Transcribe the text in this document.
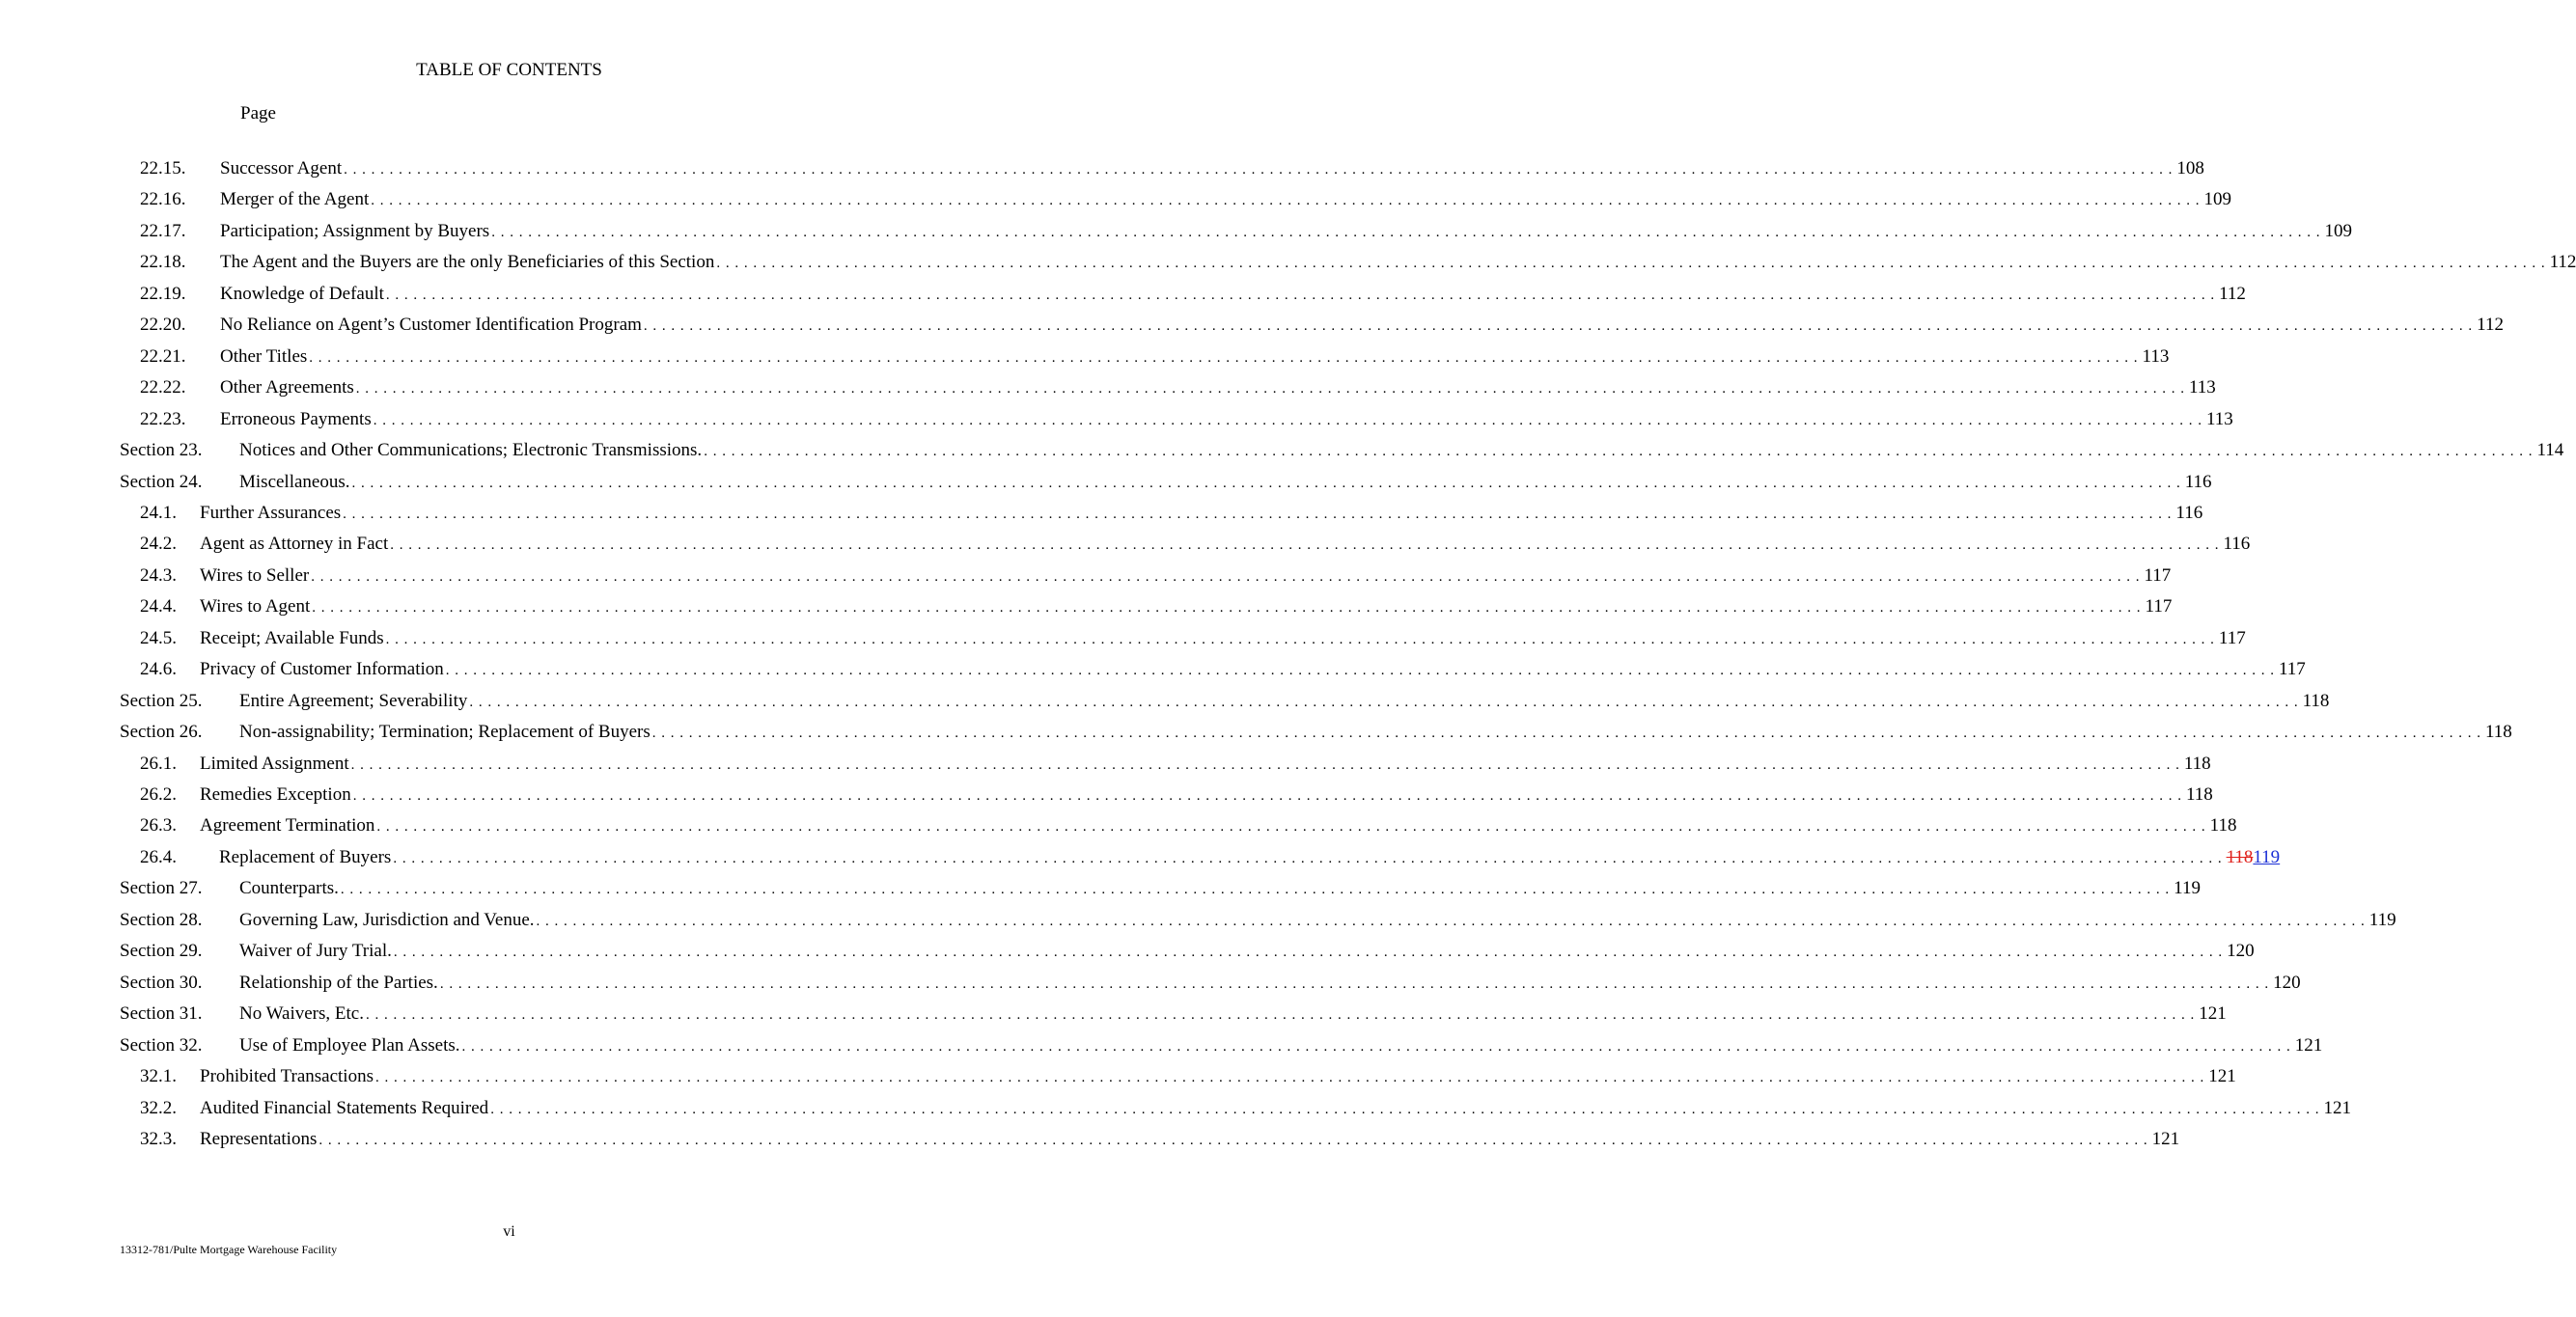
TABLE OF CONTENTS
Page
22.15.	Successor Agent . . . . . . . . . . . . . . . . . . . . . . . . . . . . . . . . . . . . . . . . . . . . . . . . . . . . . . . . . . . . . . . . . . . . . . . . . . . . . . . . . . . . . . . . . . . . . . . . . . . . . . . . . . . . . . . . . . . . . . . . . . . . . . . . . . . . . . . . . . . . . . . . . . . . . . . . . . . . . . . . . . . . . . . . . . . . . . . . . . . . . . . . . . . . . . . . . . . . . . . . 108
22.16.	Merger of the Agent . . . . . . . . . . . . . . . . . . . . . . . . . . . . . . . . . . . . . . . . . . . . . . . . . . . . . . . . . . . . . . . . . . . . . . . . . . . . . . . . . . . . . . . . . . . . . . . . . . . . . . . . . . . . . . . . . . . . . . . . . . . . . . . . . . . . . . . . . . . . . . . . . . . . . . . . . . . . . . . . . . . . . . . . . . . . . . . . . . . . . . . . . . . . . . . . . . . . . . . . 109
22.17.	Participation; Assignment by Buyers . . . . . . . . . . . . . . . . . . . . . . . . . . . . . . . . . . . . . . . . . . . . . . . . . . . . . . . . . . . . . . . . . . . . . . . . . . . . . . . . . . . . . . . . . . . . . . . . . . . . . . . . . . . . . . . . . . . . . . . . . . . . . . . . . . . . . . . . . . . . . . . . . . . . . . . . . . . . . . . . . . . . . . . . . . . . . . . . . . . . . . . . . . . . . . . . . . . . . . . . 109
22.18.	The Agent and the Buyers are the only Beneficiaries of this Section . . . . . . . . . . . . . . . . . . . . . . . . . . . . . . . . . . . . . . . . . . . . . . . . . . . . . . . . . . . . . . . . . . . . . . . . . . . . . . . . . . . . . . . . . . . . . . . . . . . . . . . . . . . . . . . . . . . . . . . . . . . . . . . . . . . . . . . . . . . . . . . . . . . . . . . . . . . . . . . . . . . . . . . . . . . . . . . . . . . . . . . . . . . . . . . . . . . . . . . . 112
22.19.	Knowledge of Default . . . . . . . . . . . . . . . . . . . . . . . . . . . . . . . . . . . . . . . . . . . . . . . . . . . . . . . . . . . . . . . . . . . . . . . . . . . . . . . . . . . . . . . . . . . . . . . . . . . . . . . . . . . . . . . . . . . . . . . . . . . . . . . . . . . . . . . . . . . . . . . . . . . . . . . . . . . . . . . . . . . . . . . . . . . . . . . . . . . . . . . . . . . . . . . . . . . . . . . . 112
22.20.	No Reliance on Agent’s Customer Identification Program . . . . . . . . . . . . . . . . . . . . . . . . . . . . . . . . . . . . . . . . . . . . . . . . . . . . . . . . . . . . . . . . . . . . . . . . . . . . . . . . . . . . . . . . . . . . . . . . . . . . . . . . . . . . . . . . . . . . . . . . . . . . . . . . . . . . . . . . . . . . . . . . . . . . . . . . . . . . . . . . . . . . . . . . . . . . . . . . . . . . . . . . . . . . . . . . . . . . . . . . 112
22.21.	Other Titles . . . . . . . . . . . . . . . . . . . . . . . . . . . . . . . . . . . . . . . . . . . . . . . . . . . . . . . . . . . . . . . . . . . . . . . . . . . . . . . . . . . . . . . . . . . . . . . . . . . . . . . . . . . . . . . . . . . . . . . . . . . . . . . . . . . . . . . . . . . . . . . . . . . . . . . . . . . . . . . . . . . . . . . . . . . . . . . . . . . . . . . . . . . . . . . . . . . . . . . . 113
22.22.	Other Agreements . . . . . . . . . . . . . . . . . . . . . . . . . . . . . . . . . . . . . . . . . . . . . . . . . . . . . . . . . . . . . . . . . . . . . . . . . . . . . . . . . . . . . . . . . . . . . . . . . . . . . . . . . . . . . . . . . . . . . . . . . . . . . . . . . . . . . . . . . . . . . . . . . . . . . . . . . . . . . . . . . . . . . . . . . . . . . . . . . . . . . . . . . . . . . . . . . . . . . . . . 113
22.23.	Erroneous Payments . . . . . . . . . . . . . . . . . . . . . . . . . . . . . . . . . . . . . . . . . . . . . . . . . . . . . . . . . . . . . . . . . . . . . . . . . . . . . . . . . . . . . . . . . . . . . . . . . . . . . . . . . . . . . . . . . . . . . . . . . . . . . . . . . . . . . . . . . . . . . . . . . . . . . . . . . . . . . . . . . . . . . . . . . . . . . . . . . . . . . . . . . . . . . . . . . . . . . . . . 113
Section 23.	Notices and Other Communications; Electronic Transmissions. . . . . . . . . . . . . . . . . . . . . . . . . . . . . . . . . . . . . . . . . . . . . . . . . . . . . . . . . . . . . . . . . . . . . . . . . . . . . . . . . . . . . . . . . . . . . . . . . . . . . . . . . . . . . . . . . . . . . . . . . . . . . . . . . . . . . . . . . . . . . . . . . . . . . . . . . . . . . . . . . . . . . . . . . . . . . . . . . . . . . . . . . . . . . . . . . . . . . . . . . 114
Section 24.	Miscellaneous. . . . . . . . . . . . . . . . . . . . . . . . . . . . . . . . . . . . . . . . . . . . . . . . . . . . . . . . . . . . . . . . . . . . . . . . . . . . . . . . . . . . . . . . . . . . . . . . . . . . . . . . . . . . . . . . . . . . . . . . . . . . . . . . . . . . . . . . . . . . . . . . . . . . . . . . . . . . . . . . . . . . . . . . . . . . . . . . . . . . . . . . . . . . . . . . . . . . . . . . . 116
24.1.	Further Assurances . . . . . . . . . . . . . . . . . . . . . . . . . . . . . . . . . . . . . . . . . . . . . . . . . . . . . . . . . . . . . . . . . . . . . . . . . . . . . . . . . . . . . . . . . . . . . . . . . . . . . . . . . . . . . . . . . . . . . . . . . . . . . . . . . . . . . . . . . . . . . . . . . . . . . . . . . . . . . . . . . . . . . . . . . . . . . . . . . . . . . . . . . . . . . . . . . . . . . . . . 116
24.2.	Agent as Attorney in Fact . . . . . . . . . . . . . . . . . . . . . . . . . . . . . . . . . . . . . . . . . . . . . . . . . . . . . . . . . . . . . . . . . . . . . . . . . . . . . . . . . . . . . . . . . . . . . . . . . . . . . . . . . . . . . . . . . . . . . . . . . . . . . . . . . . . . . . . . . . . . . . . . . . . . . . . . . . . . . . . . . . . . . . . . . . . . . . . . . . . . . . . . . . . . . . . . . . . . . . . . 116
24.3.	Wires to Seller . . . . . . . . . . . . . . . . . . . . . . . . . . . . . . . . . . . . . . . . . . . . . . . . . . . . . . . . . . . . . . . . . . . . . . . . . . . . . . . . . . . . . . . . . . . . . . . . . . . . . . . . . . . . . . . . . . . . . . . . . . . . . . . . . . . . . . . . . . . . . . . . . . . . . . . . . . . . . . . . . . . . . . . . . . . . . . . . . . . . . . . . . . . . . . . . . . . . . . . . 117
24.4.	Wires to Agent . . . . . . . . . . . . . . . . . . . . . . . . . . . . . . . . . . . . . . . . . . . . . . . . . . . . . . . . . . . . . . . . . . . . . . . . . . . . . . . . . . . . . . . . . . . . . . . . . . . . . . . . . . . . . . . . . . . . . . . . . . . . . . . . . . . . . . . . . . . . . . . . . . . . . . . . . . . . . . . . . . . . . . . . . . . . . . . . . . . . . . . . . . . . . . . . . . . . . . . . 117
24.5.	Receipt; Available Funds . . . . . . . . . . . . . . . . . . . . . . . . . . . . . . . . . . . . . . . . . . . . . . . . . . . . . . . . . . . . . . . . . . . . . . . . . . . . . . . . . . . . . . . . . . . . . . . . . . . . . . . . . . . . . . . . . . . . . . . . . . . . . . . . . . . . . . . . . . . . . . . . . . . . . . . . . . . . . . . . . . . . . . . . . . . . . . . . . . . . . . . . . . . . . . . . . . . . . . . . 117
24.6.	Privacy of Customer Information . . . . . . . . . . . . . . . . . . . . . . . . . . . . . . . . . . . . . . . . . . . . . . . . . . . . . . . . . . . . . . . . . . . . . . . . . . . . . . . . . . . . . . . . . . . . . . . . . . . . . . . . . . . . . . . . . . . . . . . . . . . . . . . . . . . . . . . . . . . . . . . . . . . . . . . . . . . . . . . . . . . . . . . . . . . . . . . . . . . . . . . . . . . . . . . . . . . . . . . . 117
Section 25.	Entire Agreement; Severability . . . . . . . . . . . . . . . . . . . . . . . . . . . . . . . . . . . . . . . . . . . . . . . . . . . . . . . . . . . . . . . . . . . . . . . . . . . . . . . . . . . . . . . . . . . . . . . . . . . . . . . . . . . . . . . . . . . . . . . . . . . . . . . . . . . . . . . . . . . . . . . . . . . . . . . . . . . . . . . . . . . . . . . . . . . . . . . . . . . . . . . . . . . . . . . . . . . . . . . . 118
Section 26.	Non-assignability; Termination; Replacement of Buyers . . . . . . . . . . . . . . . . . . . . . . . . . . . . . . . . . . . . . . . . . . . . . . . . . . . . . . . . . . . . . . . . . . . . . . . . . . . . . . . . . . . . . . . . . . . . . . . . . . . . . . . . . . . . . . . . . . . . . . . . . . . . . . . . . . . . . . . . . . . . . . . . . . . . . . . . . . . . . . . . . . . . . . . . . . . . . . . . . . . . . . . . . . . . . . . . . . . . . . . . 118
26.1.	Limited Assignment . . . . . . . . . . . . . . . . . . . . . . . . . . . . . . . . . . . . . . . . . . . . . . . . . . . . . . . . . . . . . . . . . . . . . . . . . . . . . . . . . . . . . . . . . . . . . . . . . . . . . . . . . . . . . . . . . . . . . . . . . . . . . . . . . . . . . . . . . . . . . . . . . . . . . . . . . . . . . . . . . . . . . . . . . . . . . . . . . . . . . . . . . . . . . . . . . . . . . . . . 118
26.2.	Remedies Exception . . . . . . . . . . . . . . . . . . . . . . . . . . . . . . . . . . . . . . . . . . . . . . . . . . . . . . . . . . . . . . . . . . . . . . . . . . . . . . . . . . . . . . . . . . . . . . . . . . . . . . . . . . . . . . . . . . . . . . . . . . . . . . . . . . . . . . . . . . . . . . . . . . . . . . . . . . . . . . . . . . . . . . . . . . . . . . . . . . . . . . . . . . . . . . . . . . . . . . . . 118
26.3.	Agreement Termination . . . . . . . . . . . . . . . . . . . . . . . . . . . . . . . . . . . . . . . . . . . . . . . . . . . . . . . . . . . . . . . . . . . . . . . . . . . . . . . . . . . . . . . . . . . . . . . . . . . . . . . . . . . . . . . . . . . . . . . . . . . . . . . . . . . . . . . . . . . . . . . . . . . . . . . . . . . . . . . . . . . . . . . . . . . . . . . . . . . . . . . . . . . . . . . . . . . . . . . . 118
26.4.	Replacement of Buyers . . . . . . . . . . . . . . . . . . . . . . . . . . . . . . . . . . . . . . . . . . . . . . . . . . . . . . . . . . . . . . . . . . . . . . . . . . . . . . . . . . . . . . . . . . . . . . . . . . . . . . . . . . . . . . . . . . . . . . . . . . . . . . . . . . . . . . . . . . . . . . . . . . . . . . . . . . . . . . . . . . . . . . . . . . . . . . . . . . . . . . . . . . . . . . . . . . . . . . . . 118119
Section 27.	Counterparts. . . . . . . . . . . . . . . . . . . . . . . . . . . . . . . . . . . . . . . . . . . . . . . . . . . . . . . . . . . . . . . . . . . . . . . . . . . . . . . . . . . . . . . . . . . . . . . . . . . . . . . . . . . . . . . . . . . . . . . . . . . . . . . . . . . . . . . . . . . . . . . . . . . . . . . . . . . . . . . . . . . . . . . . . . . . . . . . . . . . . . . . . . . . . . . . . . . . . . . . . 119
Section 28.	Governing Law, Jurisdiction and Venue. . . . . . . . . . . . . . . . . . . . . . . . . . . . . . . . . . . . . . . . . . . . . . . . . . . . . . . . . . . . . . . . . . . . . . . . . . . . . . . . . . . . . . . . . . . . . . . . . . . . . . . . . . . . . . . . . . . . . . . . . . . . . . . . . . . . . . . . . . . . . . . . . . . . . . . . . . . . . . . . . . . . . . . . . . . . . . . . . . . . . . . . . . . . . . . . . . . . . . . . . 119
Section 29.	Waiver of Jury Trial. . . . . . . . . . . . . . . . . . . . . . . . . . . . . . . . . . . . . . . . . . . . . . . . . . . . . . . . . . . . . . . . . . . . . . . . . . . . . . . . . . . . . . . . . . . . . . . . . . . . . . . . . . . . . . . . . . . . . . . . . . . . . . . . . . . . . . . . . . . . . . . . . . . . . . . . . . . . . . . . . . . . . . . . . . . . . . . . . . . . . . . . . . . . . . . . . . . . . . . . . 120
Section 30.	Relationship of the Parties. . . . . . . . . . . . . . . . . . . . . . . . . . . . . . . . . . . . . . . . . . . . . . . . . . . . . . . . . . . . . . . . . . . . . . . . . . . . . . . . . . . . . . . . . . . . . . . . . . . . . . . . . . . . . . . . . . . . . . . . . . . . . . . . . . . . . . . . . . . . . . . . . . . . . . . . . . . . . . . . . . . . . . . . . . . . . . . . . . . . . . . . . . . . . . . . . . . . . . . . . 120
Section 31.	No Waivers, Etc. . . . . . . . . . . . . . . . . . . . . . . . . . . . . . . . . . . . . . . . . . . . . . . . . . . . . . . . . . . . . . . . . . . . . . . . . . . . . . . . . . . . . . . . . . . . . . . . . . . . . . . . . . . . . . . . . . . . . . . . . . . . . . . . . . . . . . . . . . . . . . . . . . . . . . . . . . . . . . . . . . . . . . . . . . . . . . . . . . . . . . . . . . . . . . . . . . . . . . . . . 121
Section 32.	Use of Employee Plan Assets. . . . . . . . . . . . . . . . . . . . . . . . . . . . . . . . . . . . . . . . . . . . . . . . . . . . . . . . . . . . . . . . . . . . . . . . . . . . . . . . . . . . . . . . . . . . . . . . . . . . . . . . . . . . . . . . . . . . . . . . . . . . . . . . . . . . . . . . . . . . . . . . . . . . . . . . . . . . . . . . . . . . . . . . . . . . . . . . . . . . . . . . . . . . . . . . . . . . . . . . . 121
32.1.	Prohibited Transactions . . . . . . . . . . . . . . . . . . . . . . . . . . . . . . . . . . . . . . . . . . . . . . . . . . . . . . . . . . . . . . . . . . . . . . . . . . . . . . . . . . . . . . . . . . . . . . . . . . . . . . . . . . . . . . . . . . . . . . . . . . . . . . . . . . . . . . . . . . . . . . . . . . . . . . . . . . . . . . . . . . . . . . . . . . . . . . . . . . . . . . . . . . . . . . . . . . . . . . . . 121
32.2.	Audited Financial Statements Required . . . . . . . . . . . . . . . . . . . . . . . . . . . . . . . . . . . . . . . . . . . . . . . . . . . . . . . . . . . . . . . . . . . . . . . . . . . . . . . . . . . . . . . . . . . . . . . . . . . . . . . . . . . . . . . . . . . . . . . . . . . . . . . . . . . . . . . . . . . . . . . . . . . . . . . . . . . . . . . . . . . . . . . . . . . . . . . . . . . . . . . . . . . . . . . . . . . . . . . . 121
32.3.	Representations . . . . . . . . . . . . . . . . . . . . . . . . . . . . . . . . . . . . . . . . . . . . . . . . . . . . . . . . . . . . . . . . . . . . . . . . . . . . . . . . . . . . . . . . . . . . . . . . . . . . . . . . . . . . . . . . . . . . . . . . . . . . . . . . . . . . . . . . . . . . . . . . . . . . . . . . . . . . . . . . . . . . . . . . . . . . . . . . . . . . . . . . . . . . . . . . . . . . . . . . 121
vi
13312-781/Pulte Mortgage Warehouse Facility
